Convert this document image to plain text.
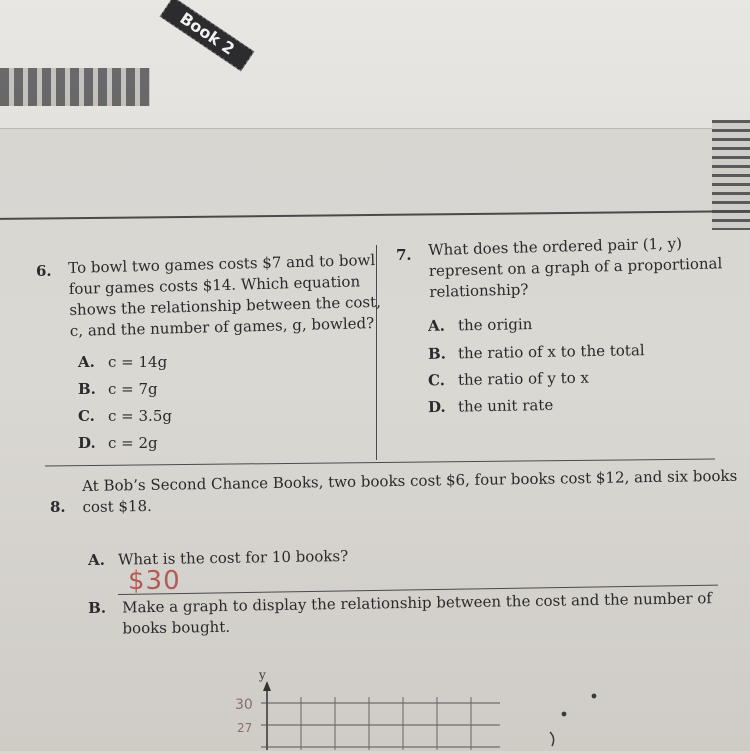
Book 2
6. To bowl two games costs $7 and to bowl
four games costs $14. Which equation
shows the relationship between the cost,
c, and the number of games, g, bowled?
A. c = 14g
B. c = 7g
C. c = 3.5g
D. c = 2g
7. What does the ordered pair (1, y)
represent on a graph of a proportional
relationship?
A. the origin
B. the ratio of x to the total
C. the ratio of y to x
D. the unit rate
8.
At Bob’s Second Chance Books, two books cost $6, four books cost $12, and six books
cost $18.
A. What is the cost for 10 books?
$30
B. Make a graph to display the relationship between the cost and the number of
books bought.
y
30
27
